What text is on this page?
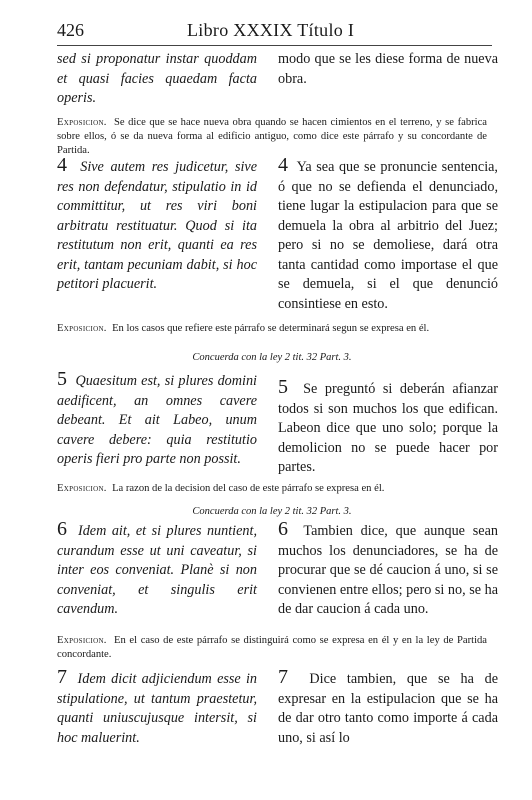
426	Libro XXXIX Título I

sed si proponatur instar quoddam et quasi facies quaedam facta operis.

modo que se les diese forma de nueva obra.

Exposicion. Se dice que se hace nueva obra quando se hacen cimientos en el terreno, y se fabrica sobre ellos, ó se da nueva forma al edificio antiguo, como dice este párrafo y su concordante de Partida.

4 Sive autem res judicetur, sive res non defendatur, stipulatio in id committitur, ut res viri boni arbitratu restituatur. Quod si ita restitutum non erit, quanti ea res erit, tantam pecuniam dabit, si hoc petitori placuerit.

4 Ya sea que se pronuncie sentencia, ó que no se defienda el denunciado, tiene lugar la estipulacion para que se demuela la obra al arbitrio del Juez; pero si no se demoliese, dará otra tanta cantidad como importase el que se demuela, si el que denunció consintiese en esto.

Exposicion. En los casos que refiere este párrafo se determinará segun se expresa en él.
Concuerda con la ley 2 tit. 32 Part. 3.

5 Quaesitum est, si plures domini aedificent, an omnes cavere debeant. Et ait Labeo, unum cavere debere: quia restitutio operis fieri pro parte non possit.

5 Se preguntó si deberán afianzar todos si son muchos los que edifican. Labeon dice que uno solo; porque la demolicion no se puede hacer por partes.

Exposicion. La razon de la decision del caso de este párrafo se expresa en él.
Concuerda con la ley 2 tit. 32 Part. 3.

6 Idem ait, et si plures nuntient, curandum esse ut uni caveatur, si inter eos conveniat. Planè si non conveniat, et singulis erit cavendum.

6 Tambien dice, que aunque sean muchos los denunciadores, se ha de procurar que se dé caucion á uno, si se convienen entre ellos; pero si no, se ha de dar caucion á cada uno.

Exposicion. En el caso de este párrafo se distinguirá como se expresa en él y en la ley de Partida concordante.

7 Idem dicit adjiciendum esse in stipulatione, ut tantum praestetur, quanti uniuscujusque intersit, si hoc maluerint.

7 Dice tambien, que se ha de expresar en la estipulacion que se ha de dar otro tanto como importe á cada uno, si así lo
